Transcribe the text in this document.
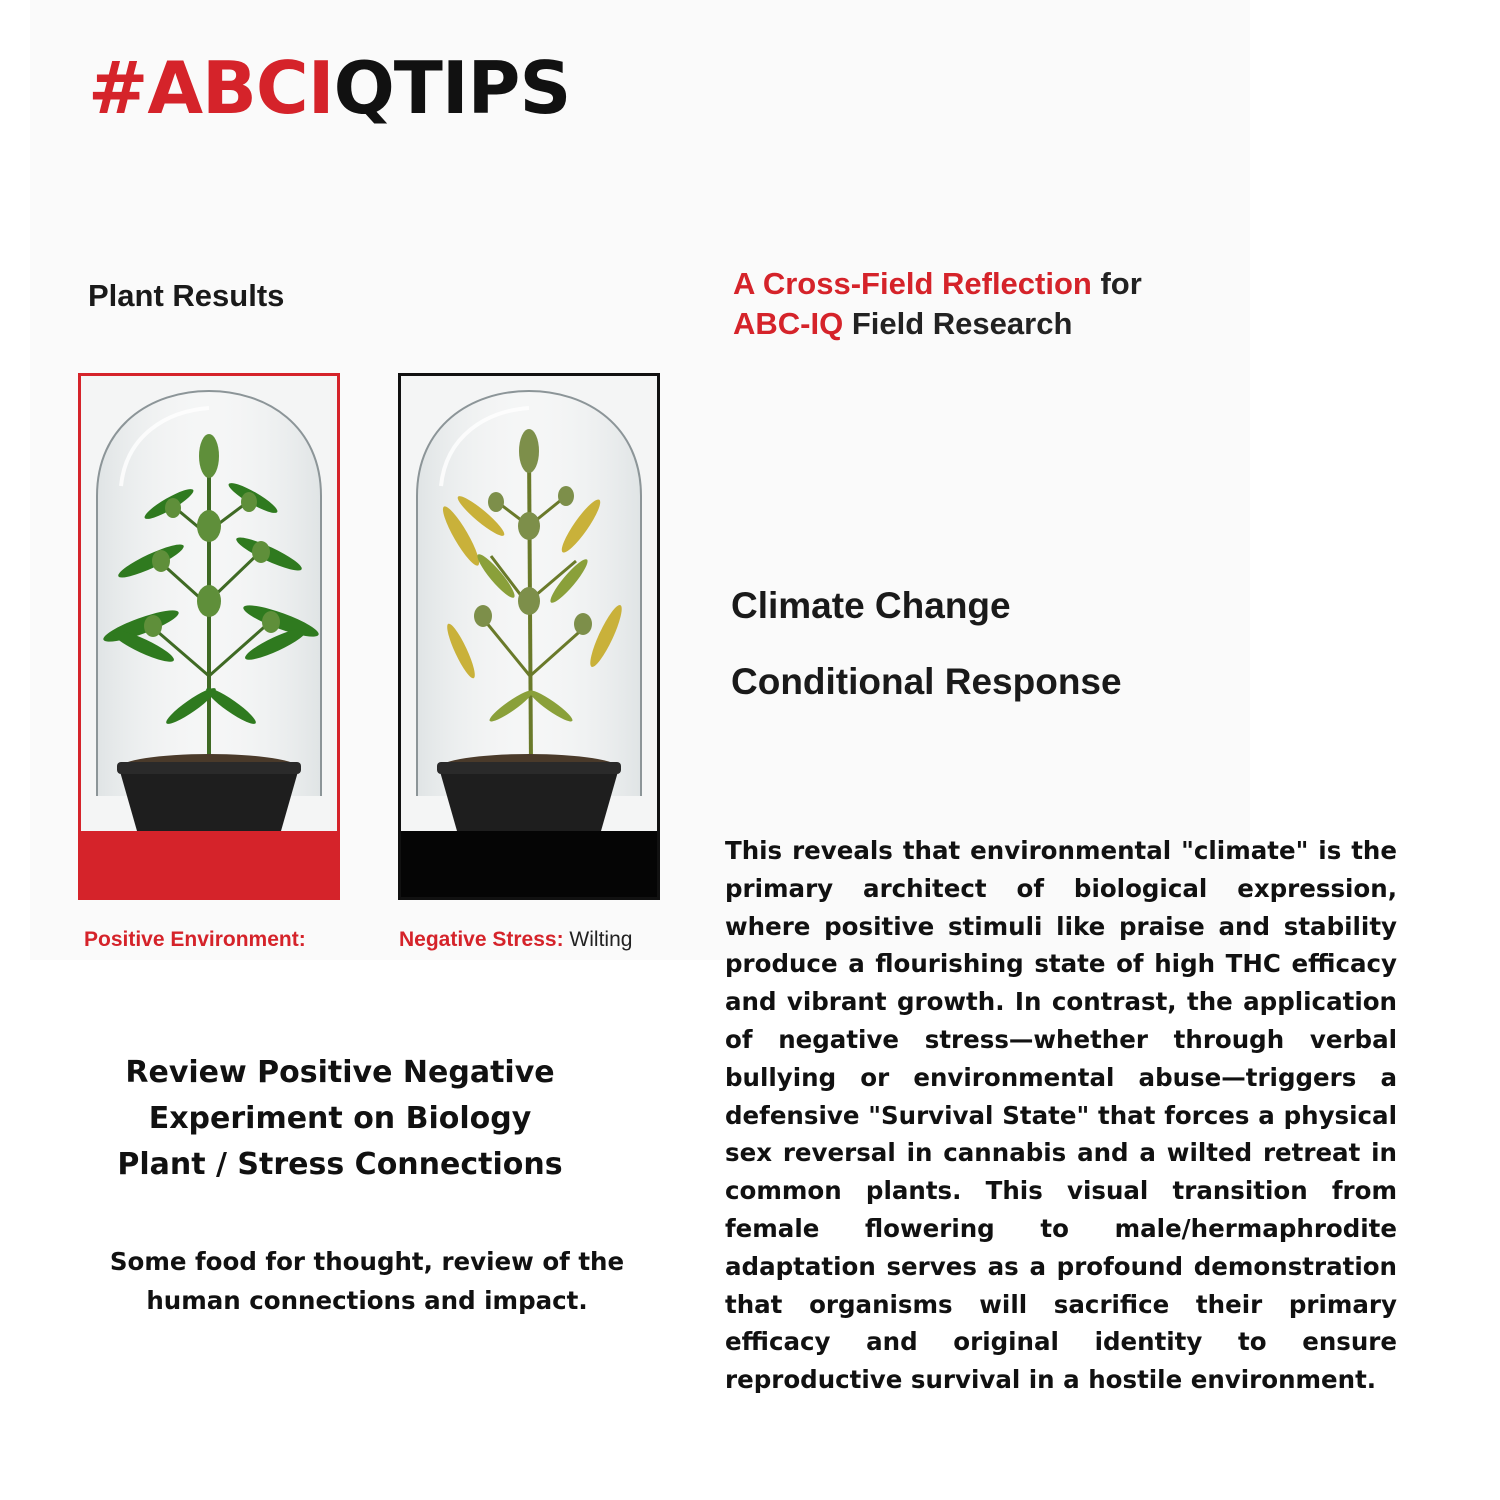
#ABCIQTIPS
Plant Results	A Cross-Field Reflection for
ABC-IQ Field Research

Positive Environment:	Negative Stress: Wilting

Climate Change
Conditional Response

This reveals that environmental "climate" is the primary architect of biological expression, where positive stimuli like praise and stability produce a flourishing state of high THC efficacy and vibrant growth. In contrast, the application of negative stress—whether through verbal bullying or environmental abuse—triggers a defensive "Survival State" that forces a physical sex reversal in cannabis and a wilted retreat in common plants. This visual transition from female flowering to male/hermaphrodite adaptation serves as a profound demonstration that organisms will sacrifice their primary efficacy and original identity to ensure reproductive survival in a hostile environment.

Review Positive Negative
Experiment on Biology
Plant / Stress Connections

Some food for thought, review of the
human connections and impact.
